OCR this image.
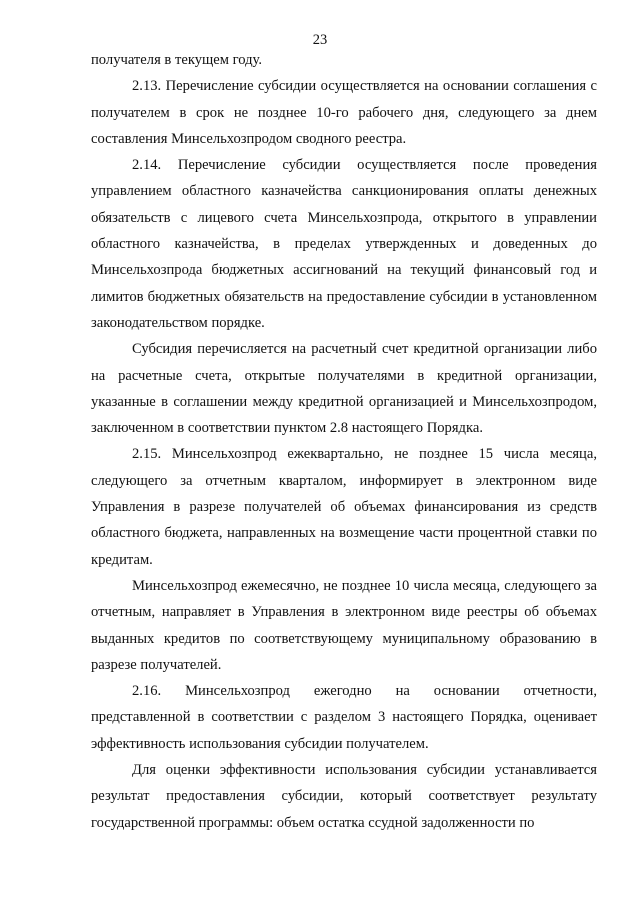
23

получателя в текущем году.

2.13. Перечисление субсидии осуществляется на основании соглашения с получателем в срок не позднее 10-го рабочего дня, следующего за днем составления Минсельхозпродом сводного реестра.

2.14. Перечисление субсидии осуществляется после проведения управлением областного казначейства санкционирования оплаты денежных обязательств с лицевого счета Минсельхозпрода, открытого в управлении областного казначейства, в пределах утвержденных и доведенных до Минсельхозпрода бюджетных ассигнований на текущий финансовый год и лимитов бюджетных обязательств на предоставление субсидии в установленном законодательством порядке.

Субсидия перечисляется на расчетный счет кредитной организации либо на расчетные счета, открытые получателями в кредитной организации, указанные в соглашении между кредитной организацией и Минсельхозпродом, заключенном в соответствии пунктом 2.8 настоящего Порядка.

2.15. Минсельхозпрод ежеквартально, не позднее 15 числа месяца, следующего за отчетным кварталом, информирует в электронном виде Управления в разрезе получателей об объемах финансирования из средств областного бюджета, направленных на возмещение части процентной ставки по кредитам.

Минсельхозпрод ежемесячно, не позднее 10 числа месяца, следующего за отчетным, направляет в Управления в электронном виде реестры об объемах выданных кредитов по соответствующему муниципальному образованию в разрезе получателей.

2.16. Минсельхозпрод ежегодно на основании отчетности, представленной в соответствии с разделом 3 настоящего Порядка, оценивает эффективность использования субсидии получателем.

Для оценки эффективности использования субсидии устанавливается результат предоставления субсидии, который соответствует результату государственной программы: объем остатка ссудной задолженности по
